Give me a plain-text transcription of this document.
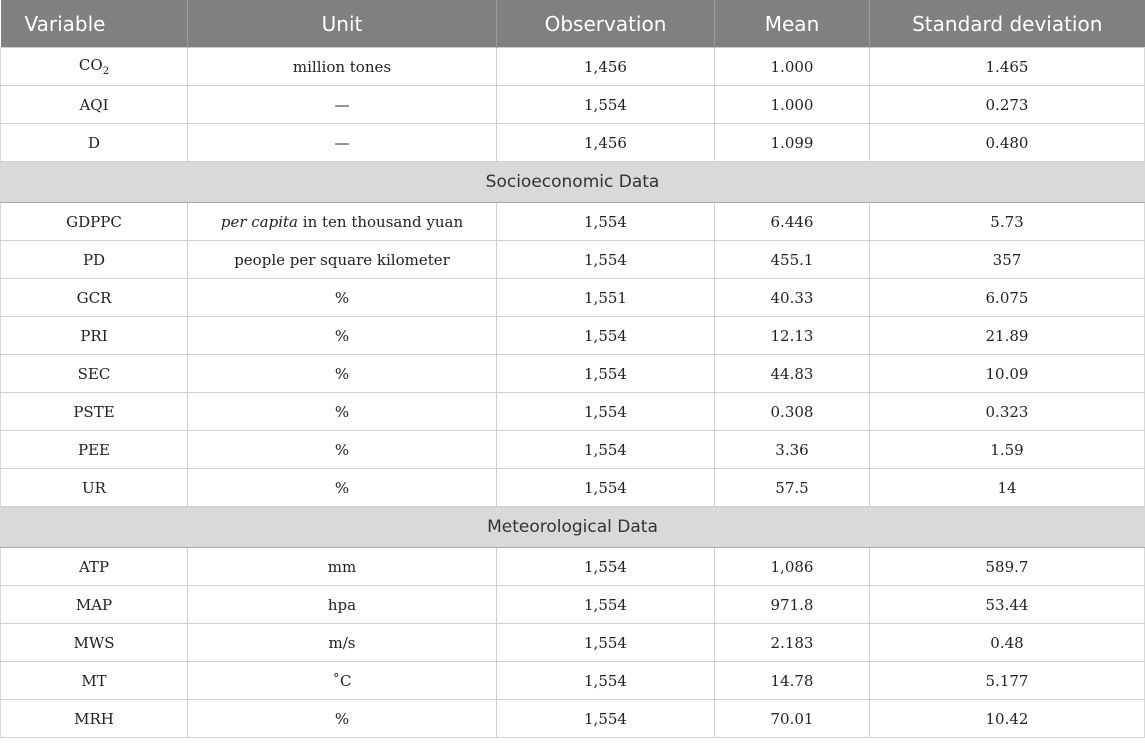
Variable	Unit	Observation	Mean	Standard deviation
$CO_2$	million tones	1,456	1.000	1.465
AQI	—	1,554	1.000	0.273
D	—	1,456	1.099	0.480
Socioeconomic Data				
GDPPC	per capita in ten thousand yuan	1,554	6.446	5.73
PD	people per square kilometer	1,554	455.1	357
GCR	%	1,551	40.33	6.075
PRI	%	1,554	12.13	21.89
SEC	%	1,554	44.83	10.09
PSTE	%	1,554	0.308	0.323
PEE	%	1,554	3.36	1.59
UR	%	1,554	57.5	14
Meteorological Data				
ATP	mm	1,554	1,086	589.7
MAP	hpa	1,554	971.8	53.44
MWS	m/s	1,554	2.183	0.48
MT	˚C	1,554	14.78	5.177
MRH	%	1,554	70.01	10.42
